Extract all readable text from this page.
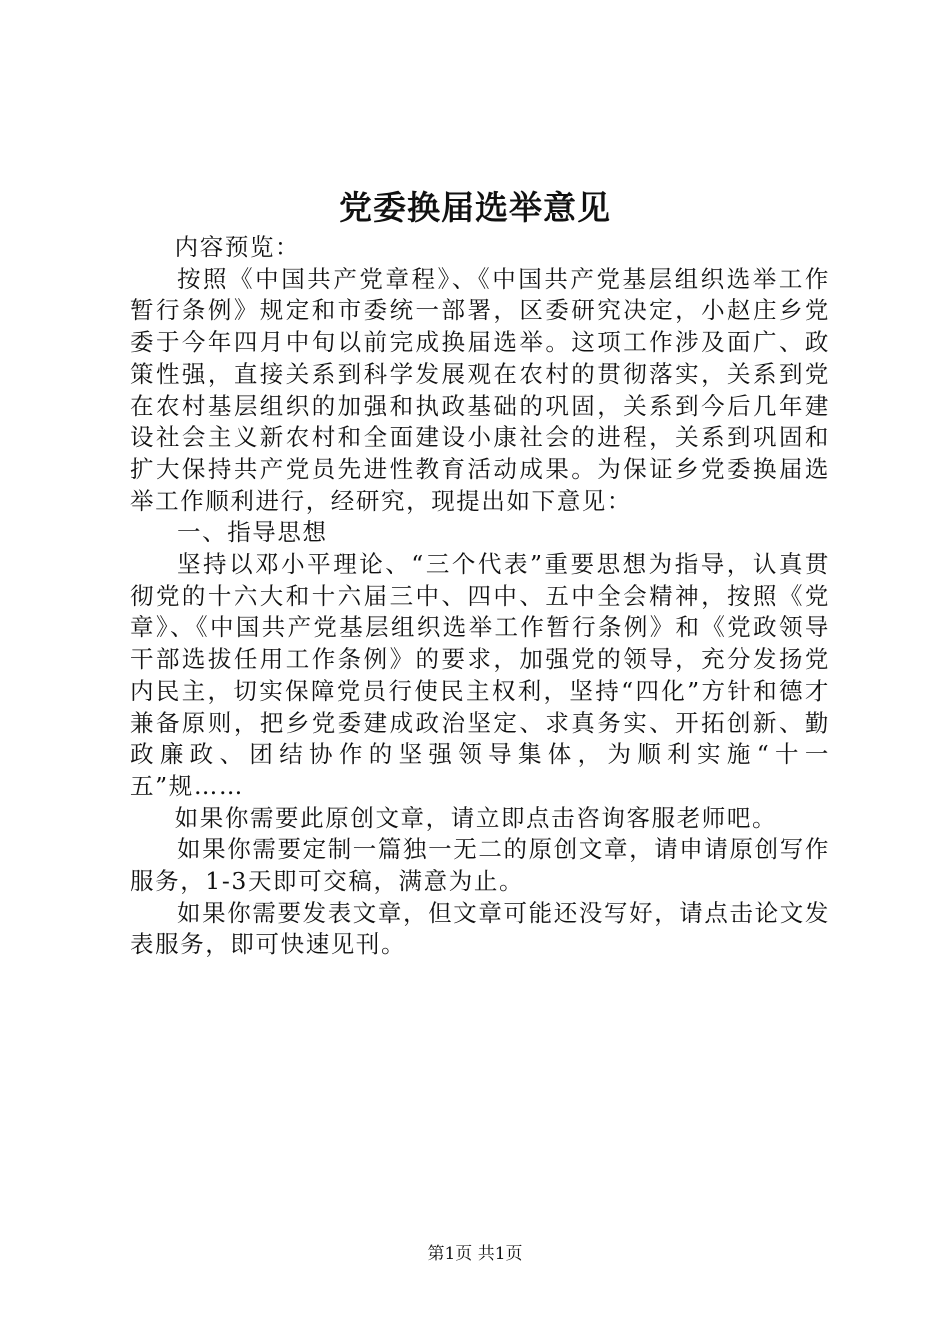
党委换届选举意见

内容预览：

按照《中国共产党章程》、《中国共产党基层组织选举工作暂行条例》规定和市委统一部署，区委研究决定，小赵庄乡党委于今年四月中旬以前完成换届选举。这项工作涉及面广、政策性强，直接关系到科学发展观在农村的贯彻落实，关系到党在农村基层组织的加强和执政基础的巩固，关系到今后几年建设社会主义新农村和全面建设小康社会的进程，关系到巩固和扩大保持共产党员先进性教育活动成果。为保证乡党委换届选举工作顺利进行，经研究，现提出如下意见：

一、指导思想

坚持以邓小平理论、“三个代表”重要思想为指导，认真贯彻党的十六大和十六届三中、四中、五中全会精神，按照《党章》、《中国共产党基层组织选举工作暂行条例》和《党政领导干部选拔任用工作条例》的要求，加强党的领导，充分发扬党内民主，切实保障党员行使民主权利，坚持“四化”方针和德才兼备原则，把乡党委建成政治坚定、求真务实、开拓创新、勤政廉政、团结协作的坚强领导集体，为顺利实施“十一五”规……

如果你需要此原创文章，请立即点击咨询客服老师吧。

如果你需要定制一篇独一无二的原创文章，请申请原创写作服务，1-3天即可交稿，满意为止。

如果你需要发表文章，但文章可能还没写好，请点击论文发表服务，即可快速见刊。

第1页 共1页
